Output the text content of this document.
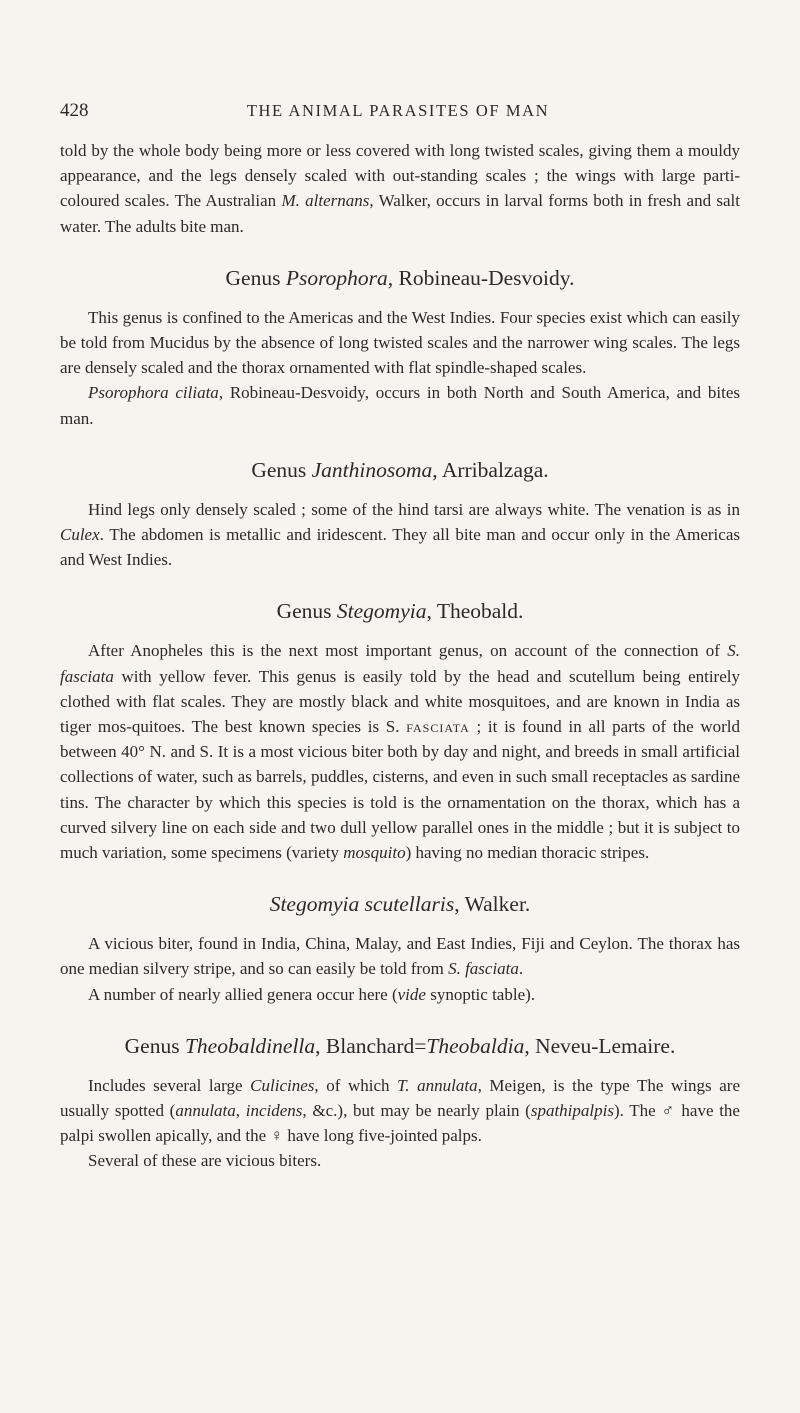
428	THE ANIMAL PARASITES OF MAN

told by the whole body being more or less covered with long twisted scales, giving them a mouldy appearance, and the legs densely scaled with out-standing scales ; the wings with large parti-coloured scales. The Australian M. alternans, Walker, occurs in larval forms both in fresh and salt water. The adults bite man.

Genus Psorophora, Robineau-Desvoidy.

This genus is confined to the Americas and the West Indies. Four species exist which can easily be told from Mucidus by the absence of long twisted scales and the narrower wing scales. The legs are densely scaled and the thorax ornamented with flat spindle-shaped scales.

Psorophora ciliata, Robineau-Desvoidy, occurs in both North and South America, and bites man.

Genus Janthinosoma, Arribalzaga.

Hind legs only densely scaled ; some of the hind tarsi are always white. The venation is as in Culex. The abdomen is metallic and iridescent. They all bite man and occur only in the Americas and West Indies.

Genus Stegomyia, Theobald.

After Anopheles this is the next most important genus, on account of the connection of S. fasciata with yellow fever. This genus is easily told by the head and scutellum being entirely clothed with flat scales. They are mostly black and white mosquitoes, and are known in India as tiger mos-quitoes. The best known species is S. fasciata ; it is found in all parts of the world between 40° N. and S. It is a most vicious biter both by day and night, and breeds in small artificial collections of water, such as barrels, puddles, cisterns, and even in such small receptacles as sardine tins. The character by which this species is told is the ornamentation on the thorax, which has a curved silvery line on each side and two dull yellow parallel ones in the middle ; but it is subject to much variation, some specimens (variety mosquito) having no median thoracic stripes.

Stegomyia scutellaris, Walker.

A vicious biter, found in India, China, Malay, and East Indies, Fiji and Ceylon. The thorax has one median silvery stripe, and so can easily be told from S. fasciata.

A number of nearly allied genera occur here (vide synoptic table).

Genus Theobaldinella, Blanchard=Theobaldia, Neveu-Lemaire.

Includes several large Culicines, of which T. annulata, Meigen, is the type The wings are usually spotted (annulata, incidens, &c.), but may be nearly plain (spathipalpis). The ♂ have the palpi swollen apically, and the ♀ have long five-jointed palps.

Several of these are vicious biters.
